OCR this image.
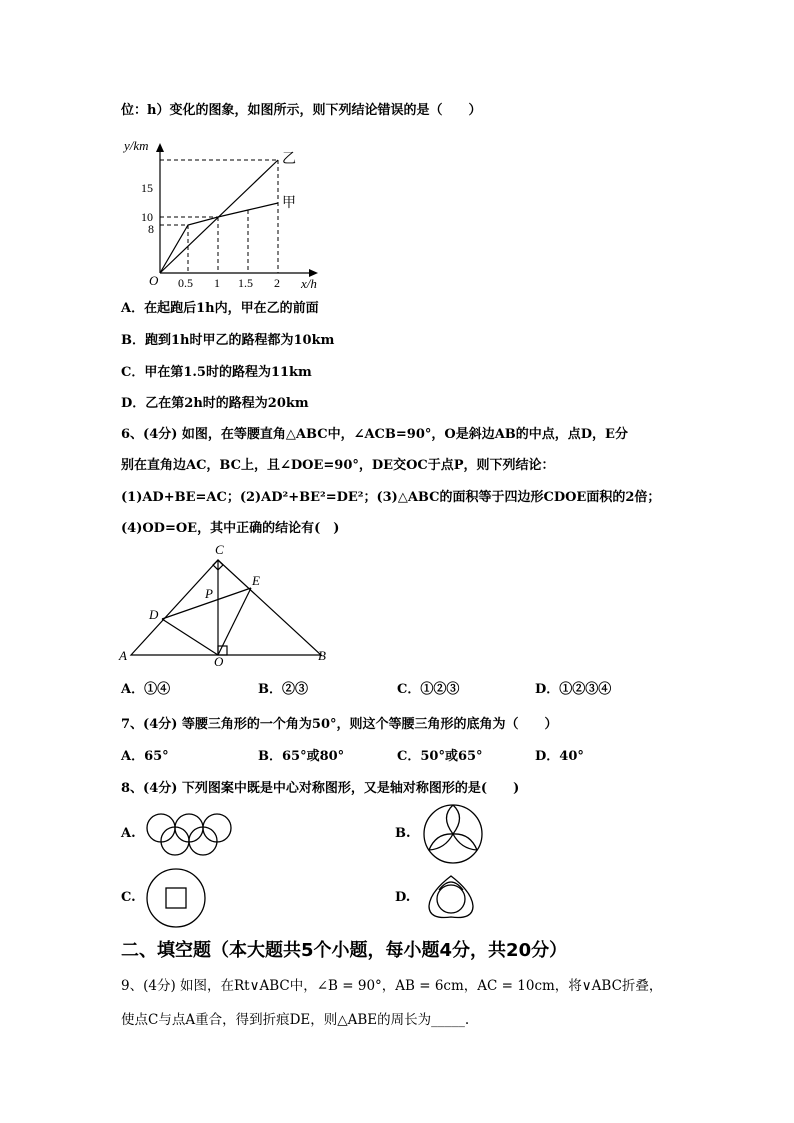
位：h）变化的图象，如图所示，则下列结论错误的是（　　）
y/km
x/h
O
15
10
8
0.5 1 1.5 2
乙
甲
A．在起跑后1h内，甲在乙的前面
B．跑到1h时甲乙的路程都为10km
C．甲在第1.5时的路程为11km
D．乙在第2h时的路程为20km
6、(4分) 如图，在等腰直角△ABC中，∠ACB=90°，O是斜边AB的中点，点D，E分
别在直角边AC，BC上，且∠DOE=90°，DE交OC于点P，则下列结论：
(1)AD+BE=AC；(2)AD²+BE²=DE²；(3)△ABC的面积等于四边形CDOE面积的2倍；
(4)OD=OE，其中正确的结论有(　)
C
E
P
D
A	O	B
A．①④	B．②③	C．①②③	D．①②③④
7、(4分) 等腰三角形的一个角为50°，则这个等腰三角形的底角为（　　）
A．65°	B．65°或80°	C．50°或65°	D．40°
8、(4分) 下列图案中既是中心对称图形，又是轴对称图形的是(　　)
A.	B.
C.	D.
二、填空题（本大题共5个小题，每小题4分，共20分）
9、(4分) 如图，在Rt∨ABC中，∠B = 90°，AB = 6cm，AC = 10cm，将∨ABC折叠，
使点C与点A重合，得到折痕DE，则△ABE的周长为_____.
